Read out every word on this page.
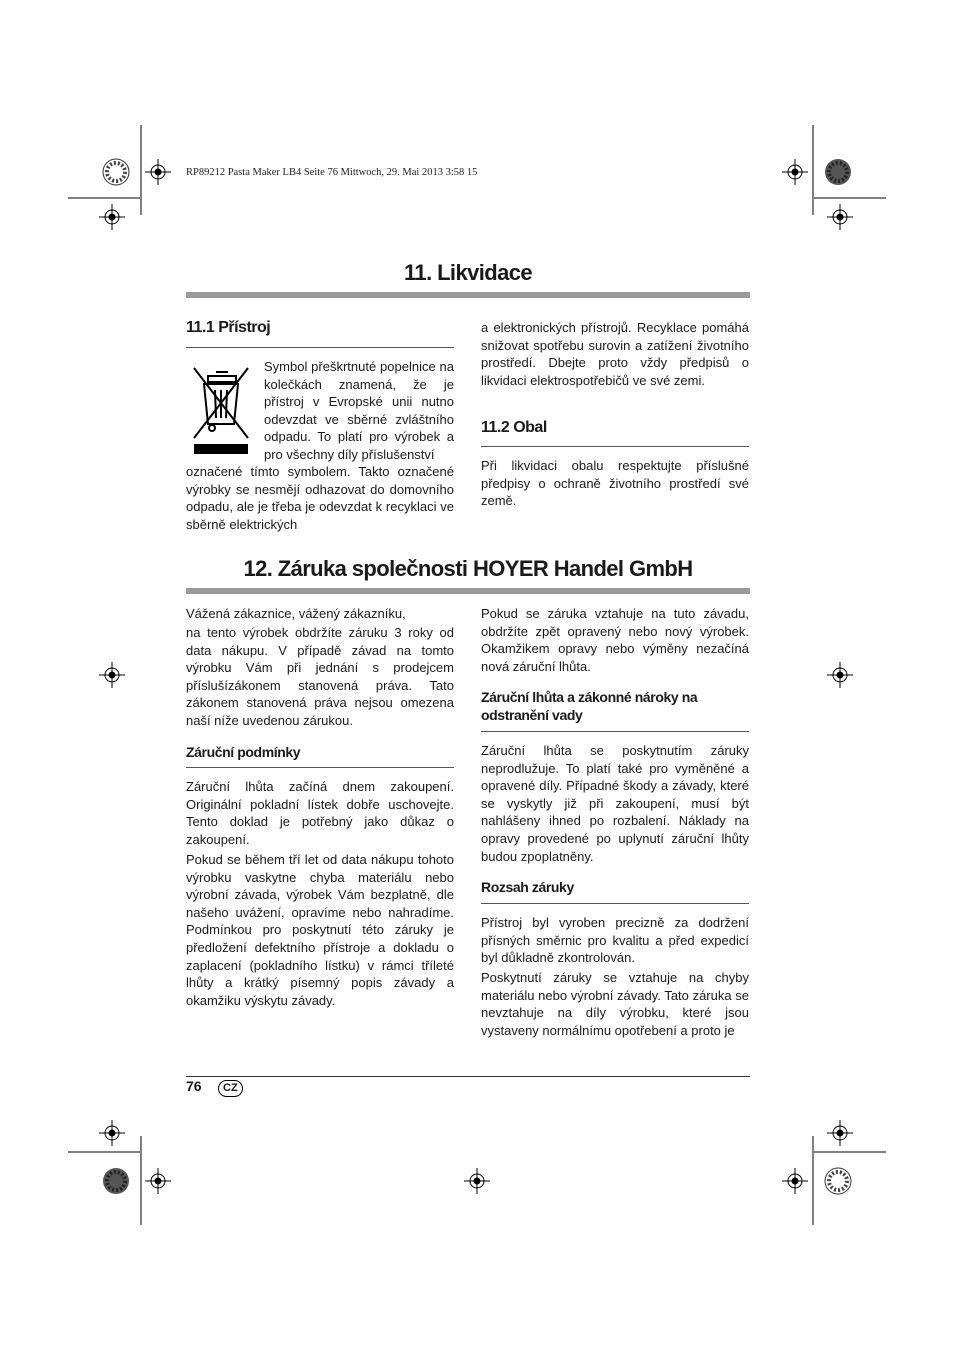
RP89212 Pasta Maker LB4 Seite 76 Mittwoch, 29. Mai 2013 3:58 15
11. Likvidace
11.1 Přístroj

Symbol přeškrtnuté popelnice na kolečkách znamená, že je přístroj v Evropské unii nutno odevzdat ve sběrné zvláštního odpadu. To platí pro výrobek a pro všechny díly příslušenství

označené tímto symbolem. Takto označené výrobky se nesmějí odhazovat do domovního odpadu, ale je třeba je odevzdat k recyklaci ve sběrně elektrických

a elektronických přístrojů. Recyklace pomáhá snižovat spotřebu surovin a zatížení životního prostředí. Dbejte proto vždy předpisů o likvidaci elektrospotřebičů ve své zemi.

11.2 Obal

Při likvidaci obalu respektujte příslušné předpisy o ochraně životního prostředí své země.

12. Záruka společnosti HOYER Handel GmbH

Vážená zákaznice, vážený zákazníku,

na tento výrobek obdržíte záruku 3 roky od data nákupu. V případě závad na tomto výrobku Vám při jednání s prodejcem příslušízákonem stanovená práva. Tato zákonem stanovená práva nejsou omezena naší níže uvedenou zárukou.

Záruční podmínky

Záruční lhůta začíná dnem zakoupení. Originální pokladní lístek dobře uschovejte. Tento doklad je potřebný jako důkaz o zakoupení.

Pokud se během tří let od data nákupu tohoto výrobku vaskytne chyba materiálu nebo výrobní závada, výrobek Vám bezplatně, dle našeho uvážení, opravíme nebo nahradíme. Podmínkou pro poskytnutí této záruky je předložení defektního přístroje a dokladu o zaplacení (pokladního lístku) v rámci tříleté lhůty a krátký písemný popis závady a okamžiku výskytu závady.

Pokud se záruka vztahuje na tuto závadu, obdržíte zpět opravený nebo nový výrobek. Okamžikem opravy nebo výměny nezačíná nová záruční lhůta.

Záruční lhůta a zákonné nároky na odstranění vady

Záruční lhůta se poskytnutím záruky neprodlužuje. To platí také pro vyměněné a opravené díly. Případné škody a závady, které se vyskytly již při zakoupení, musí být nahlášeny ihned po rozbalení. Náklady na opravy provedené po uplynutí záruční lhůty budou zpoplatněny.

Rozsah záruky

Přístroj byl vyroben precizně za dodržení přísných směrnic pro kvalitu a před expedicí byl důkladně zkontrolován.

Poskytnutí záruky se vztahuje na chyby materiálu nebo výrobní závady. Tato záruka se nevztahuje na díly výrobku, které jsou vystaveny normálnímu opotřebení a proto je

76	CZ
